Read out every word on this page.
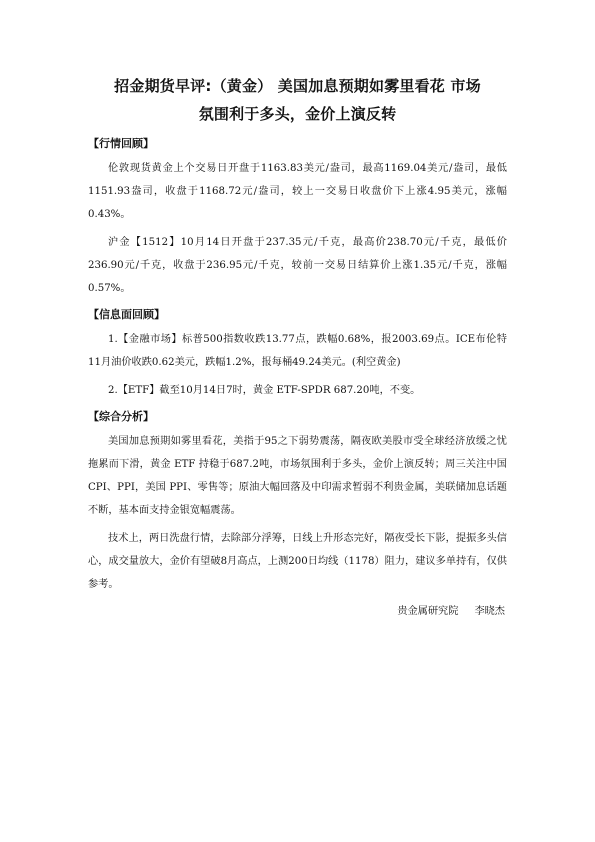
招金期货早评:（黄金） 美国加息预期如雾里看花 市场
氛围利于多头，金价上演反转
【行情回顾】

伦敦现货黄金上个交易日开盘于1163.83美元/盎司，最高1169.04美元/盎司，最低1151.93盎司，收盘于1168.72元/盎司，较上一交易日收盘价下上涨4.95美元，涨幅0.43%。

沪金【1512】10月14日开盘于237.35元/千克，最高价238.70元/千克，最低价236.90元/千克，收盘于236.95元/千克，较前一交易日结算价上涨1.35元/千克，涨幅0.57%。

【信息面回顾】

1.【金融市场】标普500指数收跌13.77点，跌幅0.68%，报2003.69点。ICE布伦特11月油价收跌0.62美元，跌幅1.2%，报每桶49.24美元。(利空黄金)

2.【ETF】截至10月14日7时，黄金 ETF-SPDR 687.20吨，不变。

【综合分析】

美国加息预期如雾里看花，美指于95之下弱势震荡，隔夜欧美股市受全球经济放缓之忧拖累而下滑，黄金 ETF 持稳于687.2吨，市场氛围利于多头，金价上演反转；周三关注中国 CPI、PPI，美国 PPI、零售等；原油大幅回落及中印需求暂弱不利贵金属，美联储加息话题不断，基本面支持金银宽幅震荡。

技术上，两日洗盘行情，去除部分浮筹，日线上升形态完好，隔夜受长下影，提振多头信心，成交量放大，金价有望破8月高点，上测200日均线（1178）阻力，建议多单持有，仅供参考。

贵金属研究院 李晓杰
